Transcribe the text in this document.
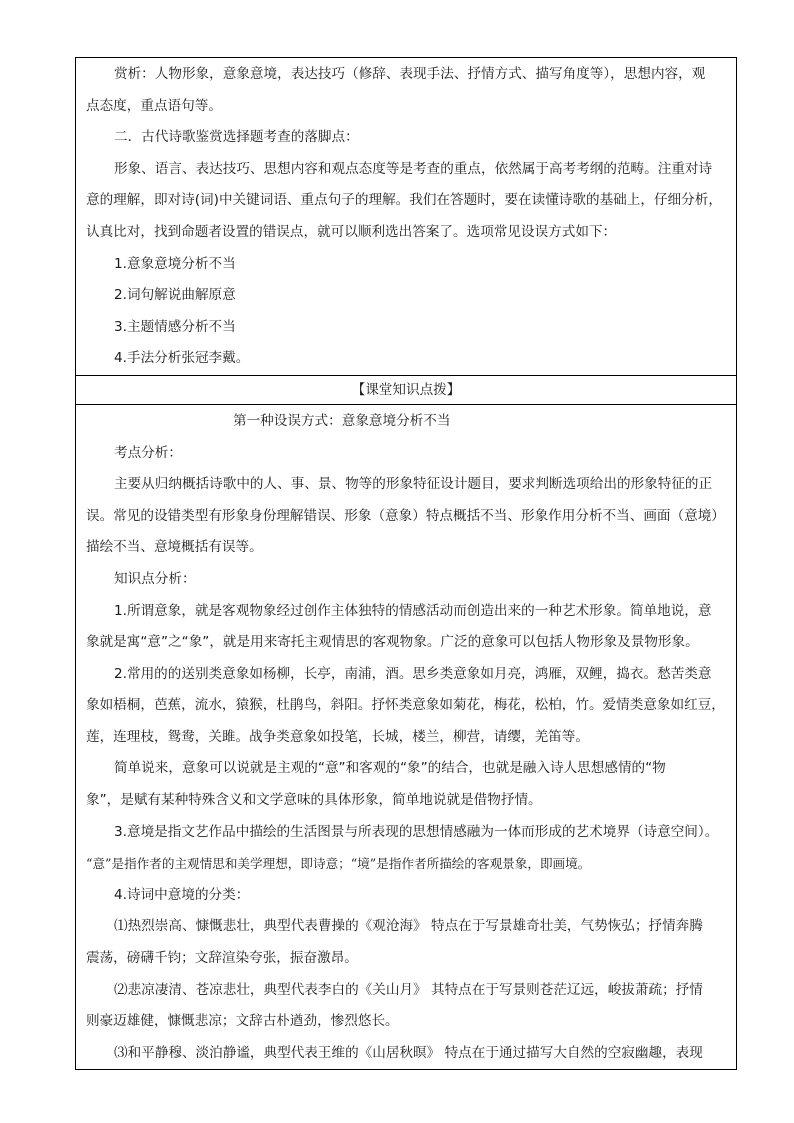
赏析：人物形象，意象意境，表达技巧（修辞、表现手法、抒情方式、描写角度等），思想内容，观

点态度，重点语句等。

二．古代诗歌鉴赏选择题考查的落脚点：

形象、语言、表达技巧、思想内容和观点态度等是考查的重点，依然属于高考考纲的范畴。注重对诗

意的理解，即对诗(词)中关键词语、重点句子的理解。我们在答题时，要在读懂诗歌的基础上，仔细分析，

认真比对，找到命题者设置的错误点，就可以顺利选出答案了。选项常见设误方式如下：

1.意象意境分析不当

2.词句解说曲解原意

3.主题情感分析不当

4.手法分析张冠李戴。

【课堂知识点拨】

第一种设误方式：意象意境分析不当

考点分析：

主要从归纳概括诗歌中的人、事、景、物等的形象特征设计题目，要求判断选项给出的形象特征的正

误。常见的设错类型有形象身份理解错误、形象（意象）特点概括不当、形象作用分析不当、画面（意境）

描绘不当、意境概括有误等。

知识点分析：

1.所谓意象，就是客观物象经过创作主体独特的情感活动而创造出来的一种艺术形象。简单地说，意

象就是寓“意”之“象”，就是用来寄托主观情思的客观物象。广泛的意象可以包括人物形象及景物形象。

2.常用的的送别类意象如杨柳，长亭，南浦，酒。思乡类意象如月亮，鸿雁，双鲤，捣衣。愁苦类意

象如梧桐，芭蕉，流水，猿猴，杜鹃鸟，斜阳。抒怀类意象如菊花，梅花，松柏，竹。爱情类意象如红豆，

莲，连理枝，鸳鸯，关雎。战争类意象如投笔，长城，楼兰，柳营，请缨，羌笛等。

简单说来，意象可以说就是主观的“意”和客观的“象”的结合，也就是融入诗人思想感情的“物

象”，是赋有某种特殊含义和文学意味的具体形象，简单地说就是借物抒情。

3.意境是指文艺作品中描绘的生活图景与所表现的思想情感融为一体而形成的艺术境界（诗意空间）。

“意”是指作者的主观情思和美学理想，即诗意；“境”是指作者所描绘的客观景象，即画境。

4.诗词中意境的分类：

⑴热烈崇高、慷慨悲壮，典型代表曹操的《观沧海》 特点在于写景雄奇壮美，气势恢弘；抒情奔腾

震荡，磅礴千钧；文辞渲染夸张，振奋激昂。

⑵悲凉凄清、苍凉悲壮，典型代表李白的《关山月》 其特点在于写景则苍茫辽远，峻拔萧疏；抒情

则豪迈雄健，慷慨悲凉；文辞古朴遒劲，惨烈悠长。

⑶和平静穆、淡泊静谧，典型代表王维的《山居秋暝》 特点在于通过描写大自然的空寂幽趣，表现
